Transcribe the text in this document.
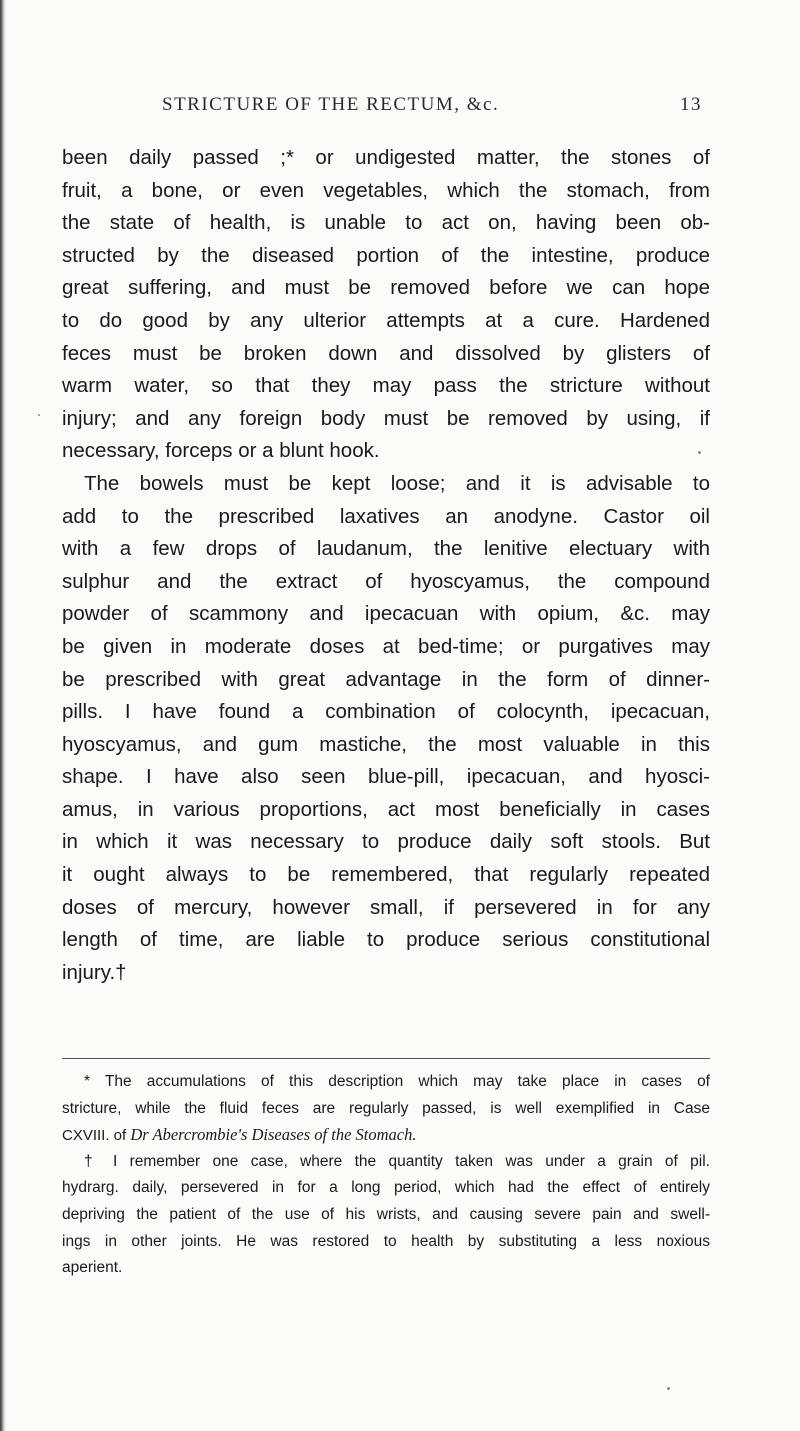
STRICTURE OF THE RECTUM, &c.	13
been daily passed ;* or undigested matter, the stones of
fruit, a bone, or even vegetables, which the stomach, from
the state of health, is unable to act on, having been ob-
structed by the diseased portion of the intestine, produce
great suffering, and must be removed before we can hope
to do good by any ulterior attempts at a cure. Hardened
feces must be broken down and dissolved by glisters of
warm water, so that they may pass the stricture without
injury; and any foreign body must be removed by using, if
necessary, forceps or a blunt hook.
The bowels must be kept loose; and it is advisable to
add to the prescribed laxatives an anodyne. Castor oil
with a few drops of laudanum, the lenitive electuary with
sulphur and the extract of hyoscyamus, the compound
powder of scammony and ipecacuan with opium, &c. may
be given in moderate doses at bed-time; or purgatives may
be prescribed with great advantage in the form of dinner-
pills. I have found a combination of colocynth, ipecacuan,
hyoscyamus, and gum mastiche, the most valuable in this
shape. I have also seen blue-pill, ipecacuan, and hyosci-
amus, in various proportions, act most beneficially in cases
in which it was necessary to produce daily soft stools. But
it ought always to be remembered, that regularly repeated
doses of mercury, however small, if persevered in for any
length of time, are liable to produce serious constitutional
injury.†
* The accumulations of this description which may take place in cases of
stricture, while the fluid feces are regularly passed, is well exemplified in Case
CXVIII. of Dr Abercrombie's Diseases of the Stomach.
† I remember one case, where the quantity taken was under a grain of pil.
hydrarg. daily, persevered in for a long period, which had the effect of entirely
depriving the patient of the use of his wrists, and causing severe pain and swell-
ings in other joints. He was restored to health by substituting a less noxious
aperient.
